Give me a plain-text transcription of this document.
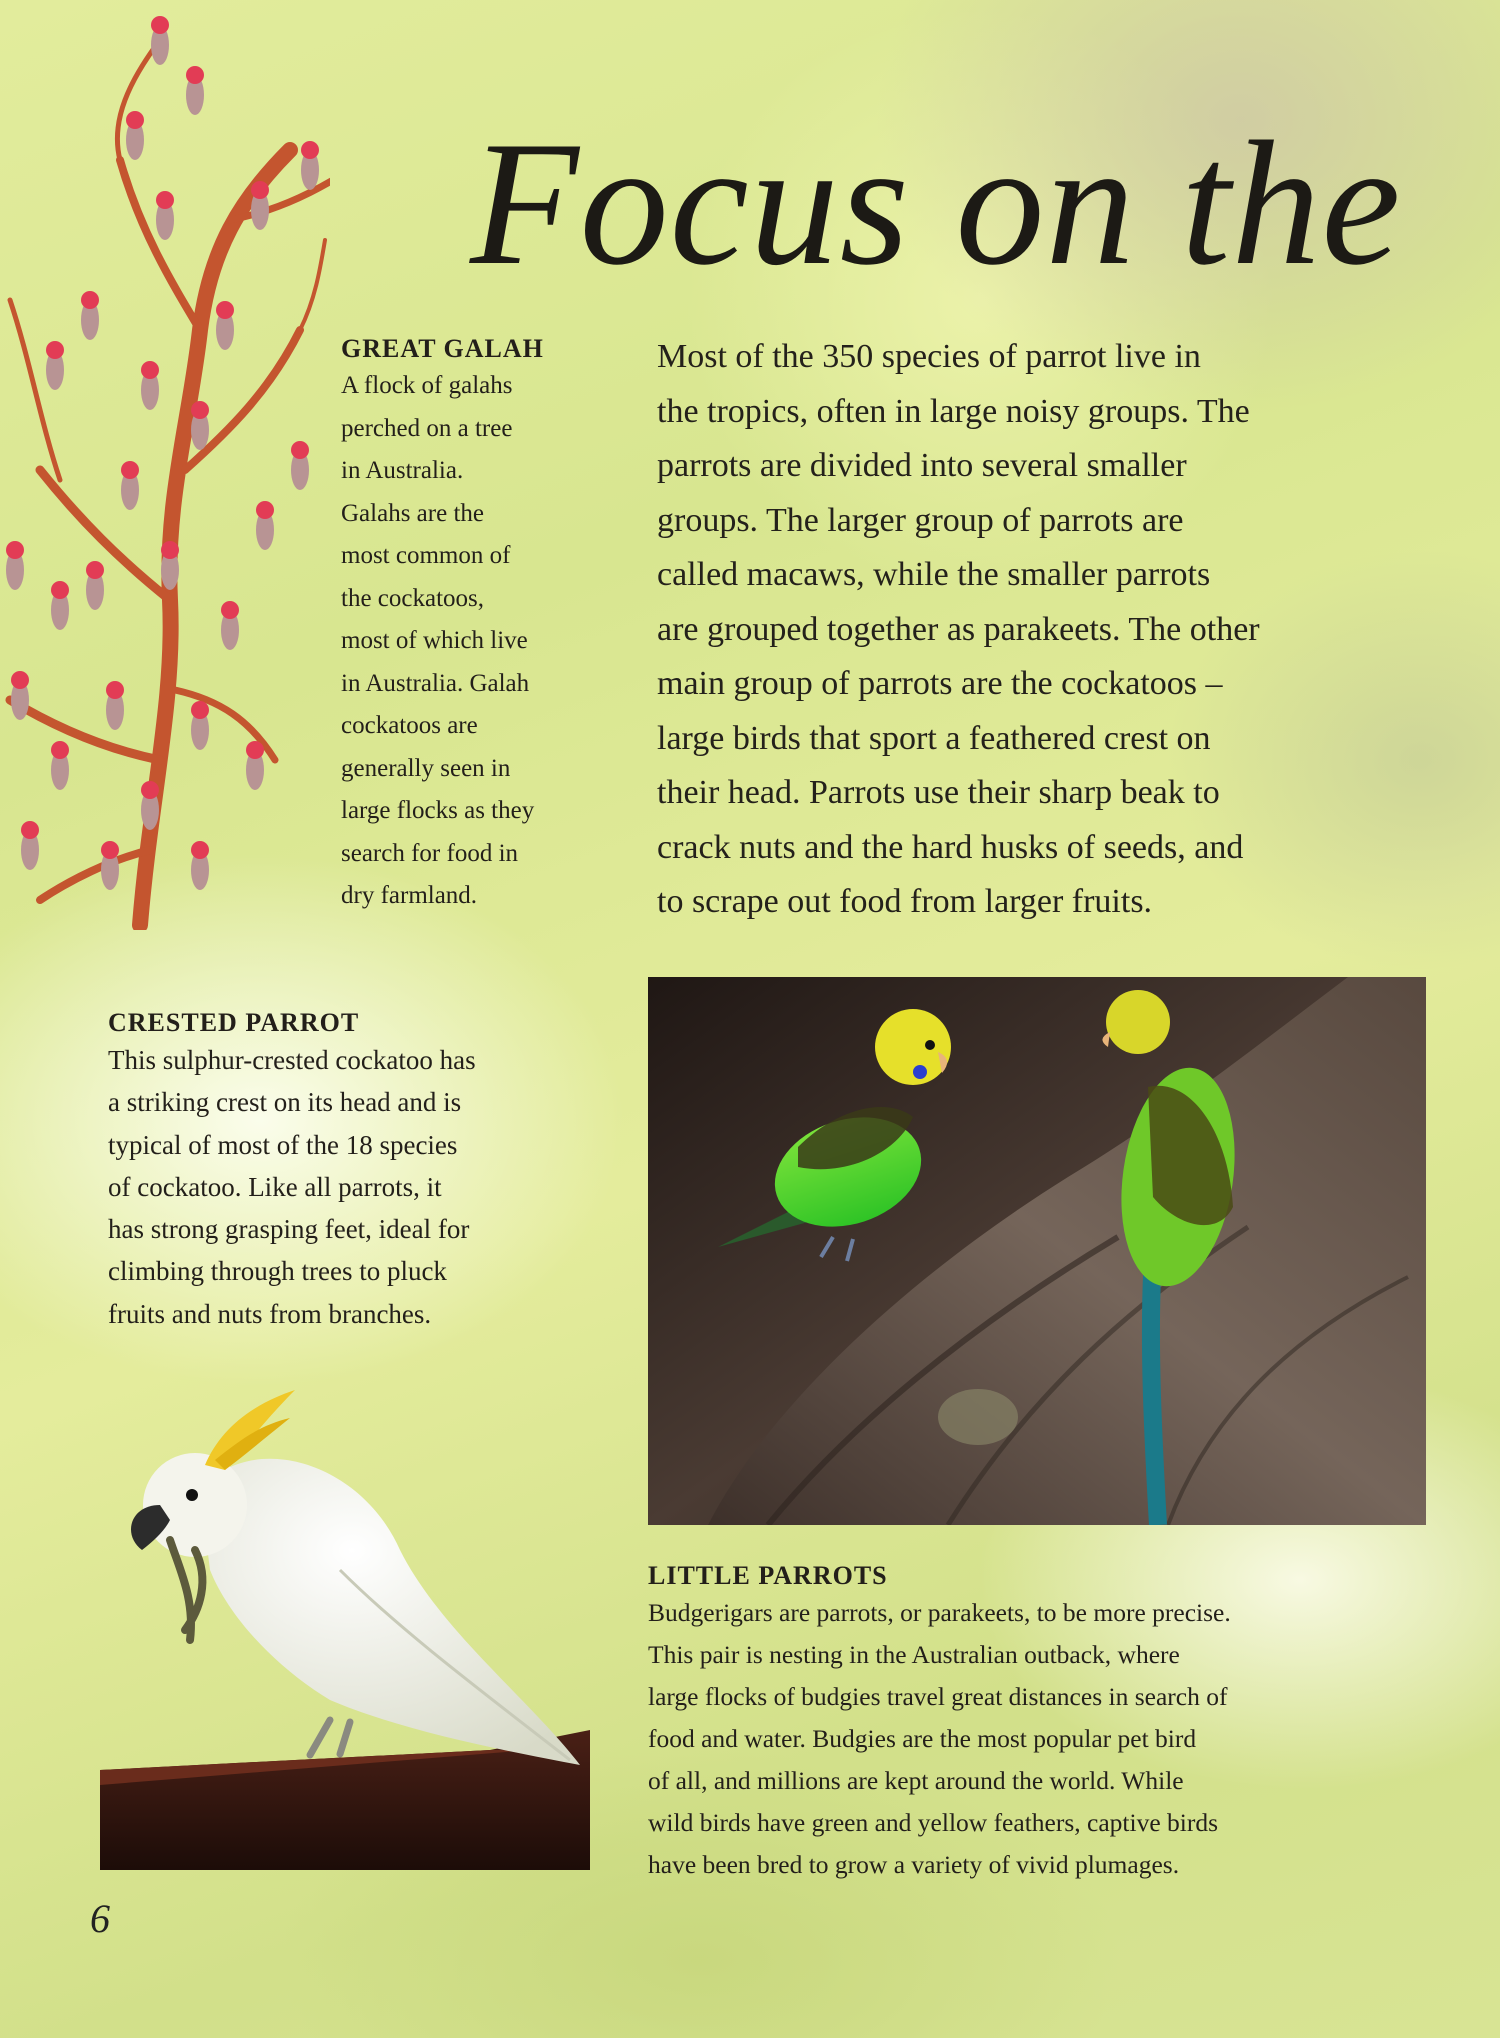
Focus on the
GREAT GALAH
A flock of galahs
perched on a tree
in Australia.
Galahs are the
most common of
the cockatoos,
most of which live
in Australia. Galah
cockatoos are
generally seen in
large flocks as they
search for food in
dry farmland.
Most of the 350 species of parrot live in
the tropics, often in large noisy groups. The
parrots are divided into several smaller
groups. The larger group of parrots are
called macaws, while the smaller parrots
are grouped together as parakeets. The other
main group of parrots are the cockatoos –
large birds that sport a feathered crest on
their head. Parrots use their sharp beak to
crack nuts and the hard husks of seeds, and
to scrape out food from larger fruits.
CRESTED PARROT
This sulphur-crested cockatoo has
a striking crest on its head and is
typical of most of the 18 species
of cockatoo. Like all parrots, it
has strong grasping feet, ideal for
climbing through trees to pluck
fruits and nuts from branches.
LITTLE PARROTS
Budgerigars are parrots, or parakeets, to be more precise.
This pair is nesting in the Australian outback, where
large flocks of budgies travel great distances in search of
food and water. Budgies are the most popular pet bird
of all, and millions are kept around the world. While
wild birds have green and yellow feathers, captive birds
have been bred to grow a variety of vivid plumages.
6
